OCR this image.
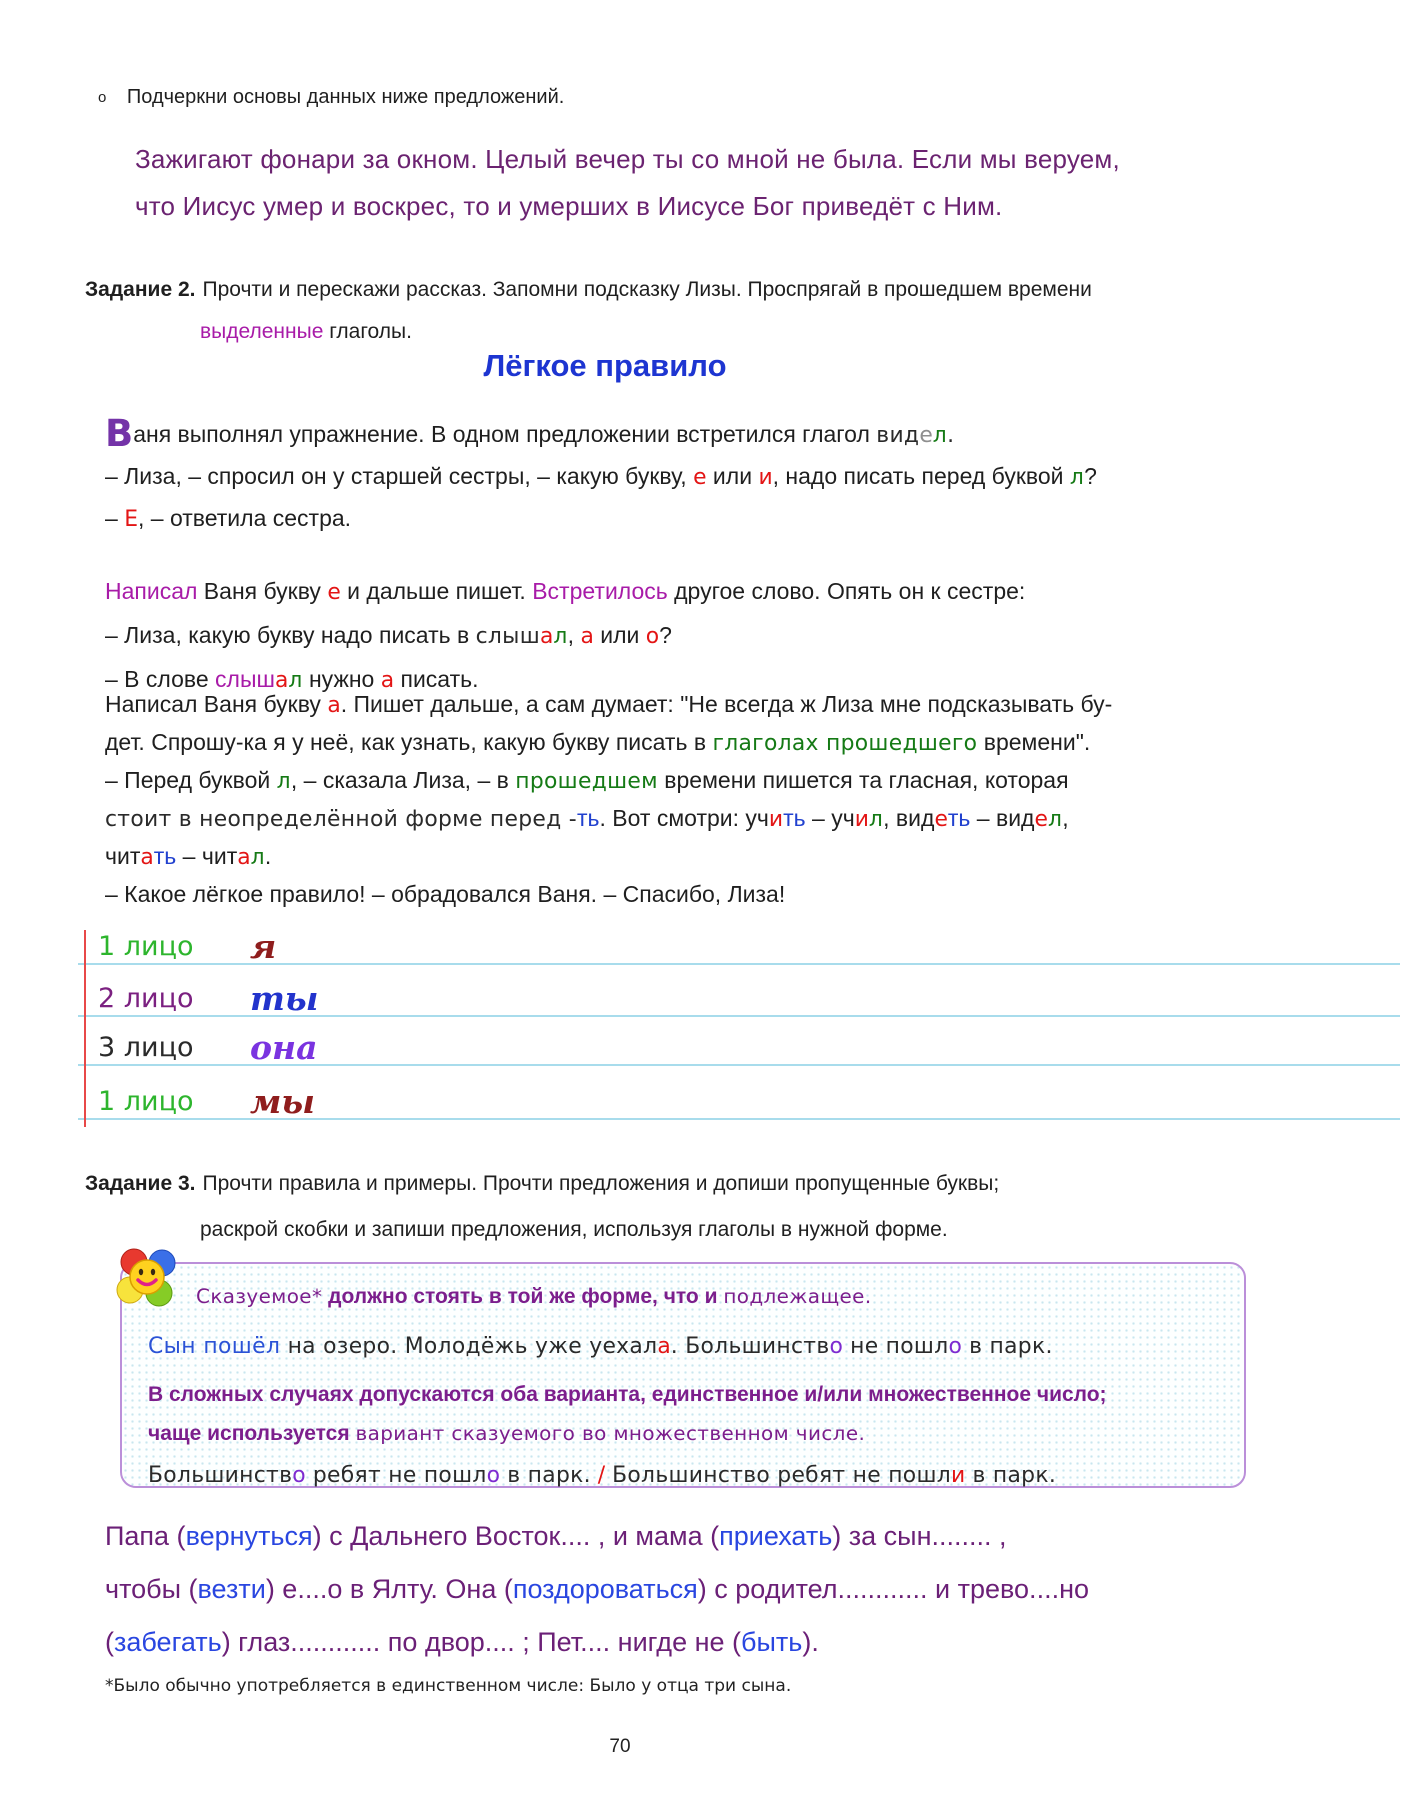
o Подчеркни основы данных ниже предложений.
Зажигают фонари за окном. Целый вечер ты со мной не была. Если мы веруем,
что Иисус умер и воскрес, то и умерших в Иисусе Бог приведёт с Ним.
Задание 2. Прочти и перескажи рассказ. Запомни подсказку Лизы. Проспрягай в прошедшем времени
выделенные глаголы.
Лёгкое правило
Ваня выполнял упражнение. В одном предложении встретился глагол видел.
– Лиза, – спросил он у старшей сестры, – какую букву, е или и, надо писать перед буквой л?
– Е, – ответила сестра.
Написал Ваня букву е и дальше пишет. Встретилось другое слово. Опять он к сестре:
– Лиза, какую букву надо писать в слышал, а или о?
– В слове слышал нужно а писать.
Написал Ваня букву а. Пишет дальше, а сам думает: "Не всегда ж Лиза мне подсказывать бу-
дет. Спрошу-ка я у неё, как узнать, какую букву писать в глаголах прошедшего времени".
– Перед буквой л, – сказала Лиза, – в прошедшем времени пишется та гласная, которая
стоит в неопределённой форме перед -ть. Вот смотри: учить – учил, видеть – видел,
читать – читал.
– Какое лёгкое правило! – обрадовался Ваня. – Спасибо, Лиза!
1 лицо	я
2 лицо	ты
3 лицо	она
1 лицо	мы
Задание 3. Прочти правила и примеры. Прочти предложения и допиши пропущенные буквы;
раскрой скобки и запиши предложения, используя глаголы в нужной форме.
Сказуемое* должно стоять в той же форме, что и подлежащее.
Сын пошёл на озеро. Молодёжь уже уехала. Большинство не пошло в парк.
В сложных случаях допускаются оба варианта, единственное и/или множественное число;
чаще используется вариант сказуемого во множественном числе.
Большинство ребят не пошло в парк. / Большинство ребят не пошли в парк.
Папа (вернуться) с Дальнего Восток.... , и мама (приехать) за сын........ ,
чтобы (везти) е....о в Ялту. Она (поздороваться) с родител............ и трево....но
(забегать) глаз............ по двор.... ; Пет.... нигде не (быть).
*Было обычно употребляется в единственном числе: Было у отца три сына.
70
